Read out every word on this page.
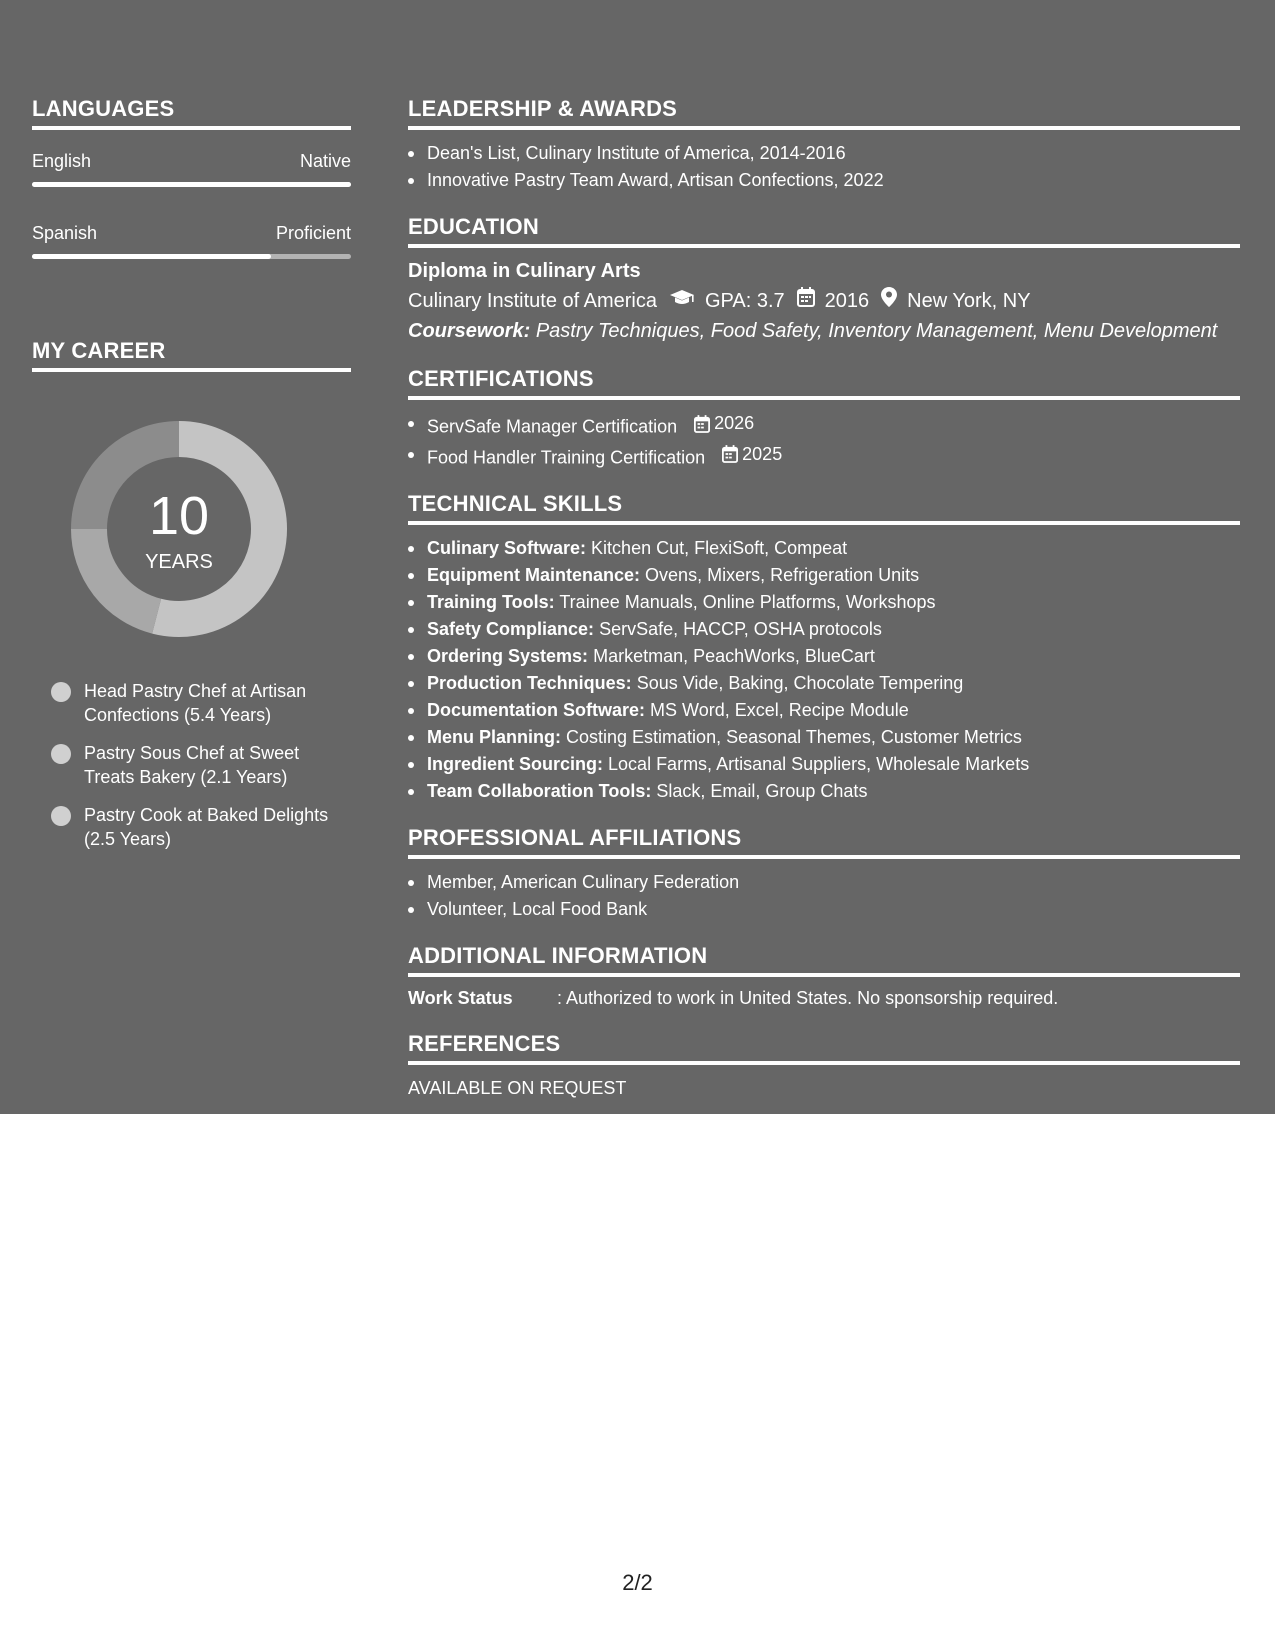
LANGUAGES
English	Native
Spanish	Proficient
MY CAREER
10
YEARS
Head Pastry Chef at Artisan Confections (5.4 Years)
Pastry Sous Chef at Sweet Treats Bakery (2.1 Years)
Pastry Cook at Baked Delights (2.5 Years)
LEADERSHIP & AWARDS
Dean's List, Culinary Institute of America, 2014-2016
Innovative Pastry Team Award, Artisan Confections, 2022
EDUCATION
Diploma in Culinary Arts
Culinary Institute of America GPA: 3.7 2016 New York, NY
Coursework: Pastry Techniques, Food Safety, Inventory Management, Menu Development
CERTIFICATIONS
ServSafe Manager Certification 2026
Food Handler Training Certification 2025
TECHNICAL SKILLS
Culinary Software: Kitchen Cut, FlexiSoft, Compeat
Equipment Maintenance: Ovens, Mixers, Refrigeration Units
Training Tools: Trainee Manuals, Online Platforms, Workshops
Safety Compliance: ServSafe, HACCP, OSHA protocols
Ordering Systems: Marketman, PeachWorks, BlueCart
Production Techniques: Sous Vide, Baking, Chocolate Tempering
Documentation Software: MS Word, Excel, Recipe Module
Menu Planning: Costing Estimation, Seasonal Themes, Customer Metrics
Ingredient Sourcing: Local Farms, Artisanal Suppliers, Wholesale Markets
Team Collaboration Tools: Slack, Email, Group Chats
PROFESSIONAL AFFILIATIONS
Member, American Culinary Federation
Volunteer, Local Food Bank
ADDITIONAL INFORMATION
Work Status	: Authorized to work in United States. No sponsorship required.
REFERENCES
AVAILABLE ON REQUEST
2/2
